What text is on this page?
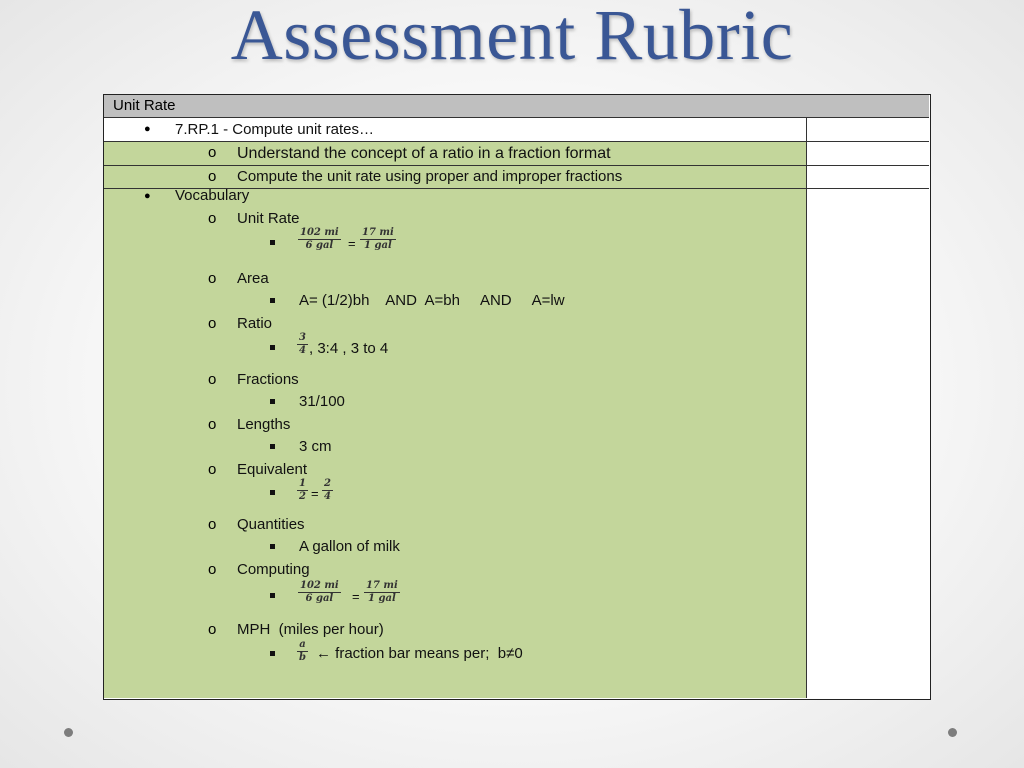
Assessment Rubric
Unit Rate
● 7.RP.1 - Compute unit rates…
o Understand the concept of a ratio in a fraction format
o Compute the unit rate using proper and improper fractions
● Vocabulary
o Unit Rate
102 mi
6 gal	=
17 mi
1 gal
o Area
A= (1/2)bh    AND  A=bh     AND     A=lw
o Ratio
$\frac{3}{4}$ , 3:4 , 3 to 4
o Fractions
31/100
o Lengths
3 cm
o Equivalent
$\frac{1}{2} = \frac{2}{4}$
o Quantities
A gallon of milk
o Computing
102 mi
6 gal	=
17 mi
1 gal
o MPH  (miles per hour)
$\frac{a}{b}$ ← fraction bar means per;  b≠0
